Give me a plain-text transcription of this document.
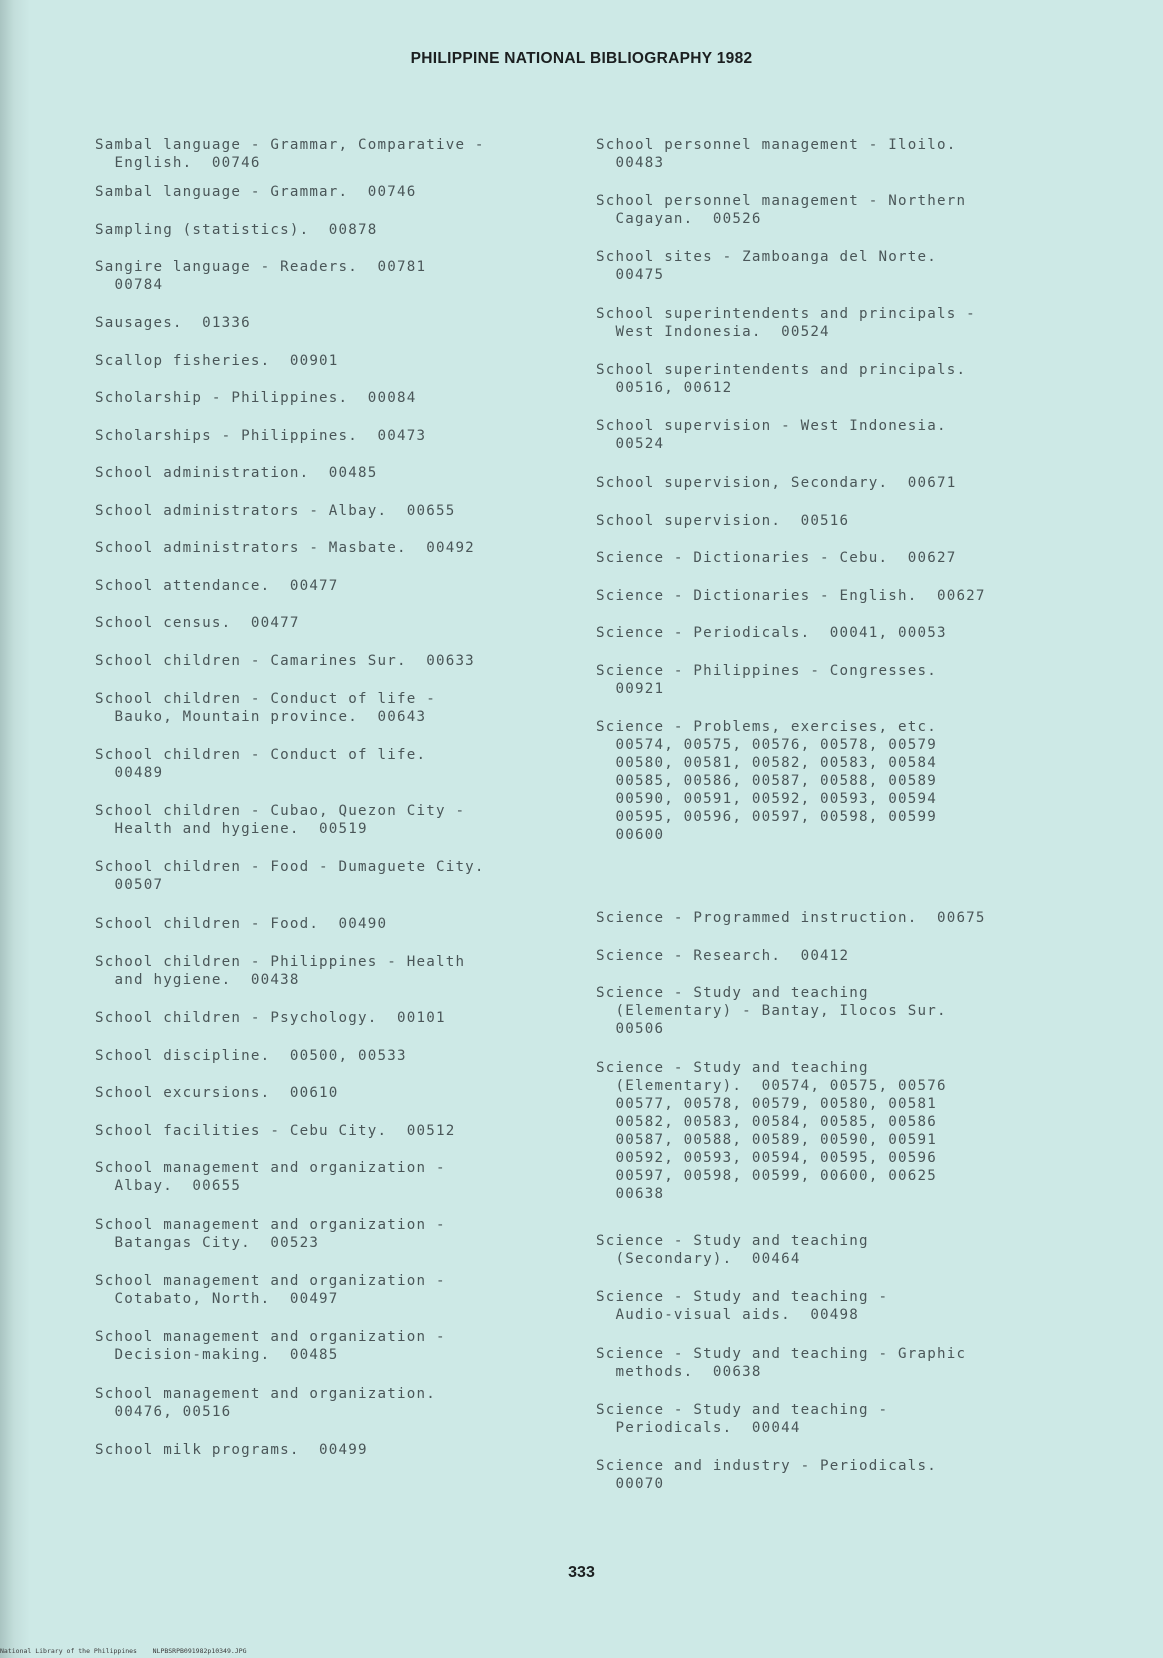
PHILIPPINE NATIONAL BIBLIOGRAPHY 1982
Sambal language - Grammar, Comparative -
English.  00746
Sambal language - Grammar.  00746
Sampling (statistics).  00878
Sangire language - Readers.  00781
00784
Sausages.  01336
Scallop fisheries.  00901
Scholarship - Philippines.  00084
Scholarships - Philippines.  00473
School administration.  00485
School administrators - Albay.  00655
School administrators - Masbate.  00492
School attendance.  00477
School census.  00477
School children - Camarines Sur.  00633
School children - Conduct of life -
Bauko, Mountain province.  00643
School children - Conduct of life.
00489
School children - Cubao, Quezon City -
Health and hygiene.  00519
School children - Food - Dumaguete City.
00507
School children - Food.  00490
School children - Philippines - Health
and hygiene.  00438
School children - Psychology.  00101
School discipline.  00500, 00533
School excursions.  00610
School facilities - Cebu City.  00512
School management and organization -
Albay.  00655
School management and organization -
Batangas City.  00523
School management and organization -
Cotabato, North.  00497
School management and organization -
Decision-making.  00485
School management and organization.
00476, 00516
School milk programs.  00499
School personnel management - Iloilo.
00483
School personnel management - Northern
Cagayan.  00526
School sites - Zamboanga del Norte.
00475
School superintendents and principals -
West Indonesia.  00524
School superintendents and principals.
00516, 00612
School supervision - West Indonesia.
00524
School supervision, Secondary.  00671
School supervision.  00516
Science - Dictionaries - Cebu.  00627
Science - Dictionaries - English.  00627
Science - Periodicals.  00041, 00053
Science - Philippines - Congresses.
00921
Science - Problems, exercises, etc.
00574, 00575, 00576, 00578, 00579
00580, 00581, 00582, 00583, 00584
00585, 00586, 00587, 00588, 00589
00590, 00591, 00592, 00593, 00594
00595, 00596, 00597, 00598, 00599
00600
Science - Programmed instruction.  00675
Science - Research.  00412
Science - Study and teaching
(Elementary) - Bantay, Ilocos Sur.
00506
Science - Study and teaching
(Elementary).  00574, 00575, 00576
00577, 00578, 00579, 00580, 00581
00582, 00583, 00584, 00585, 00586
00587, 00588, 00589, 00590, 00591
00592, 00593, 00594, 00595, 00596
00597, 00598, 00599, 00600, 00625
00638
Science - Study and teaching
(Secondary).  00464
Science - Study and teaching -
Audio-visual aids.  00498
Science - Study and teaching - Graphic
methods.  00638
Science - Study and teaching -
Periodicals.  00044
Science and industry - Periodicals.
00070
333
National Library of the Philippines    NLPBSRPB091982p10349.JPG
